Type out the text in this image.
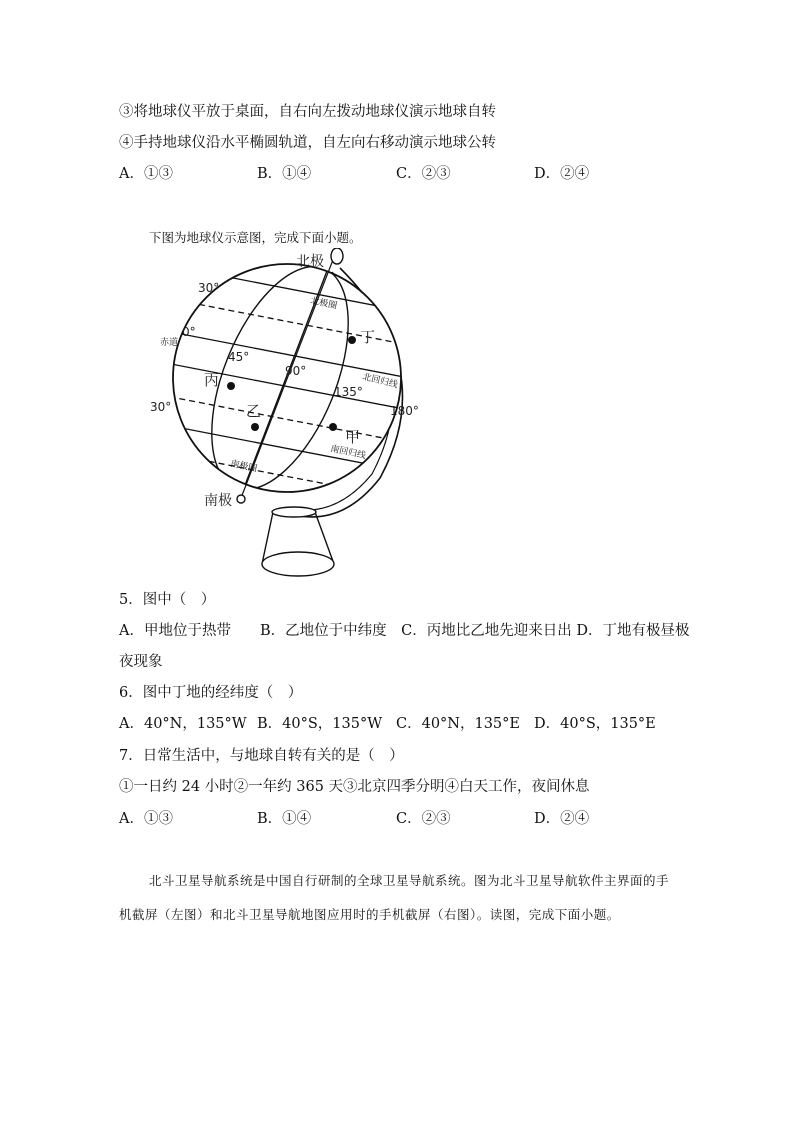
③将地球仪平放于桌面，自右向左拨动地球仪演示地球自转
④手持地球仪沿水平椭圆轨道，自左向右移动演示地球公转
A．①③	B．①④	C．②③	D．②④
下图为地球仪示意图，完成下面小题。
北极
南极
北极圈
南极圈
北回归线
南回归线
赤道
30°
0°
30°
45°
90°
135°
180°
丁
丙
乙
甲
5．图中（　）
A．甲地位于热带　　B．乙地位于中纬度　C．丙地比乙地先迎来日出 D．丁地有极昼极
夜现象
6．图中丁地的经纬度（　）
A．40°N，135°W B．40°S，135°W C．40°N，135°E D．40°S，135°E
7．日常生活中，与地球自转有关的是（　）
①一日约 24 小时②一年约 365 天③北京四季分明④白天工作，夜间休息
A．①③	B．①④	C．②③	D．②④
北斗卫星导航系统是中国自行研制的全球卫星导航系统。图为北斗卫星导航软件主界面的手机截屏（左图）和北斗卫星导航地图应用时的手机截屏（右图）。读图，完成下面小题。
